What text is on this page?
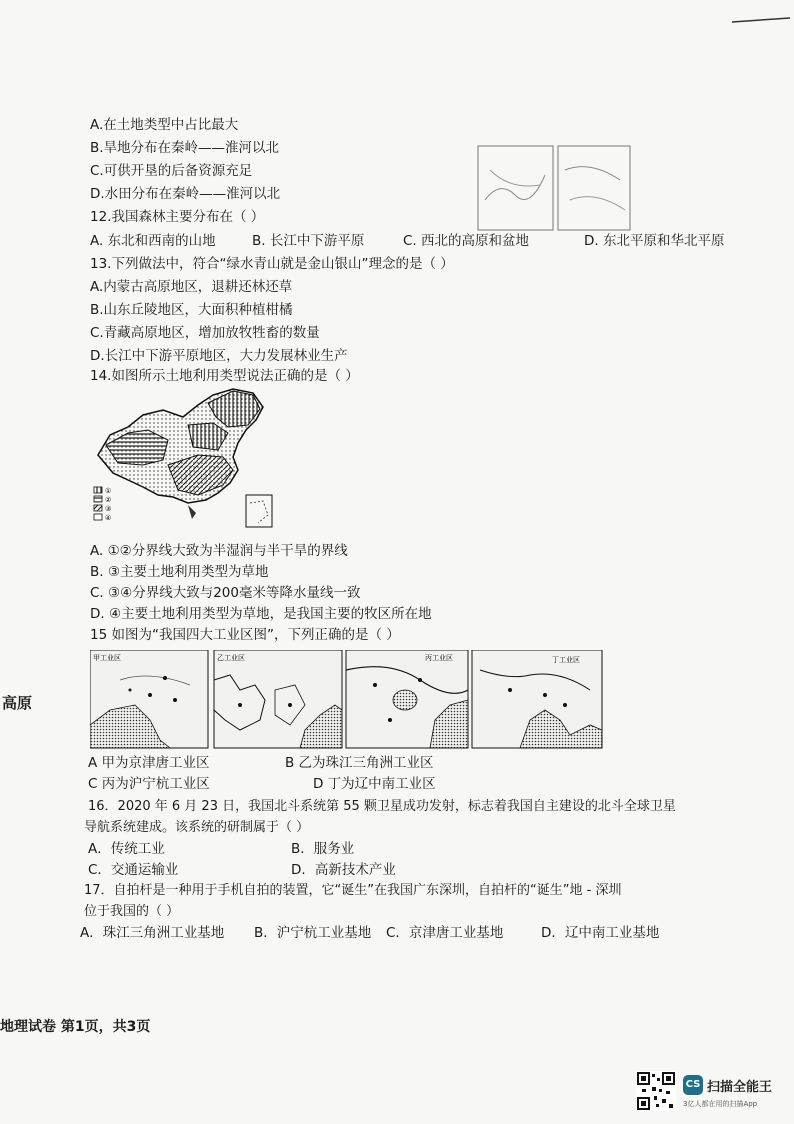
A.在土地类型中占比最大
B.旱地分布在秦岭——淮河以北
C.可供开垦的后备资源充足
D.水田分布在秦岭——淮河以北
12.我国森林主要分布在（ ）
A. 东北和西南的山地	B. 长江中下游平原	C. 西北的高原和盆地	D. 东北平原和华北平原
13.下列做法中，符合“绿水青山就是金山银山”理念的是（ ）
A.内蒙古高原地区，退耕还林还草
B.山东丘陵地区，大面积种植柑橘
C.青藏高原地区，增加放牧牲畜的数量
D.长江中下游平原地区，大力发展林业生产
14.如图所示土地利用类型说法正确的是（ ）
①
②
③
④
A. ①②分界线大致为半湿润与半干旱的界线
B. ③主要土地利用类型为草地
C. ③④分界线大致与200毫米等降水量线一致
D. ④主要土地利用类型为草地，是我国主要的牧区所在地
15 如图为“我国四大工业区图”，下列正确的是（ ）
甲工业区	乙工业区	丙工业区	丁工业区
A 甲为京津唐工业区	B 乙为珠江三角洲工业区
C 丙为沪宁杭工业区	D 丁为辽中南工业区
16．2020 年 6 月 23 日，我国北斗系统第 55 颗卫星成功发射，标志着我国自主建设的北斗全球卫星
导航系统建成。该系统的研制属于（ ）
A．传统工业	B．服务业
C．交通运输业	D．高新技术产业
17．自拍杆是一种用于手机自拍的装置，它“诞生”在我国广东深圳，自拍杆的“诞生”地 - 深圳
位于我国的（ ）
A．珠江三角洲工业基地 B．沪宁杭工业基地 C．京津唐工业基地	D．辽中南工业基地
高原
地理试卷 第1页，共3页
CS 扫描全能王
3亿人都在用的扫描App
